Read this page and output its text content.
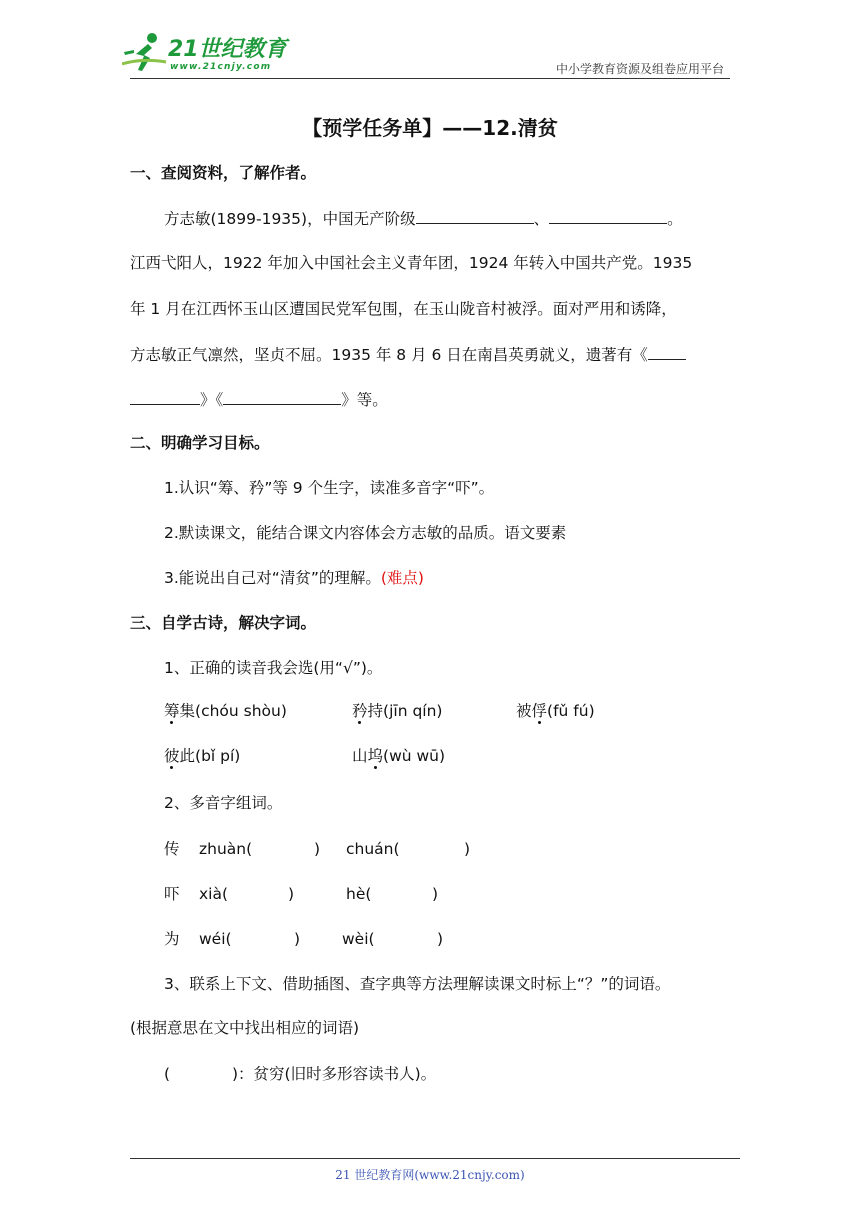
21世纪教育
www.21cnjy.com	中小学教育资源及组卷应用平台
【预学任务单】——12.清贫
一、查阅资料，了解作者。
方志敏(1899-1935)，中国无产阶级	、	。
江西弋阳人，1922 年加入中国社会主义青年团，1924 年转入中国共产党。1935
年 1 月在江西怀玉山区遭国民党军包围，在玉山陇音村被浮。面对严用和诱降，
方志敏正气凛然，坚贞不屈。1935 年 8 月 6 日在南昌英勇就义，遗著有《
》《	》等。
二、明确学习目标。
1.认识“筹、矜”等 9 个生字，读准多音字“吓”。
2.默读课文，能结合课文内容体会方志敏的品质。语文要素
3.能说出自己对“清贫”的理解。(难点)
三、自学古诗，解决字词。
1、正确的读音我会选(用“√”)。
筹集(chóu shòu)	矜持(jīn qín)	被俘(fǔ fú)
彼此(bǐ pí)	山坞(wù wū)
2、多音字组词。
传 zhuàn(	) chuán(	)
吓 xià(	)	hè(	)
为 wéi(	)	wèi(	)
3、联系上下文、借助插图、查字典等方法理解读课文时标上“？”的词语。
(根据意思在文中找出相应的词语)
(	)：贫穷(旧时多形容读书人)。
21 世纪教育网(www.21cnjy.com)
